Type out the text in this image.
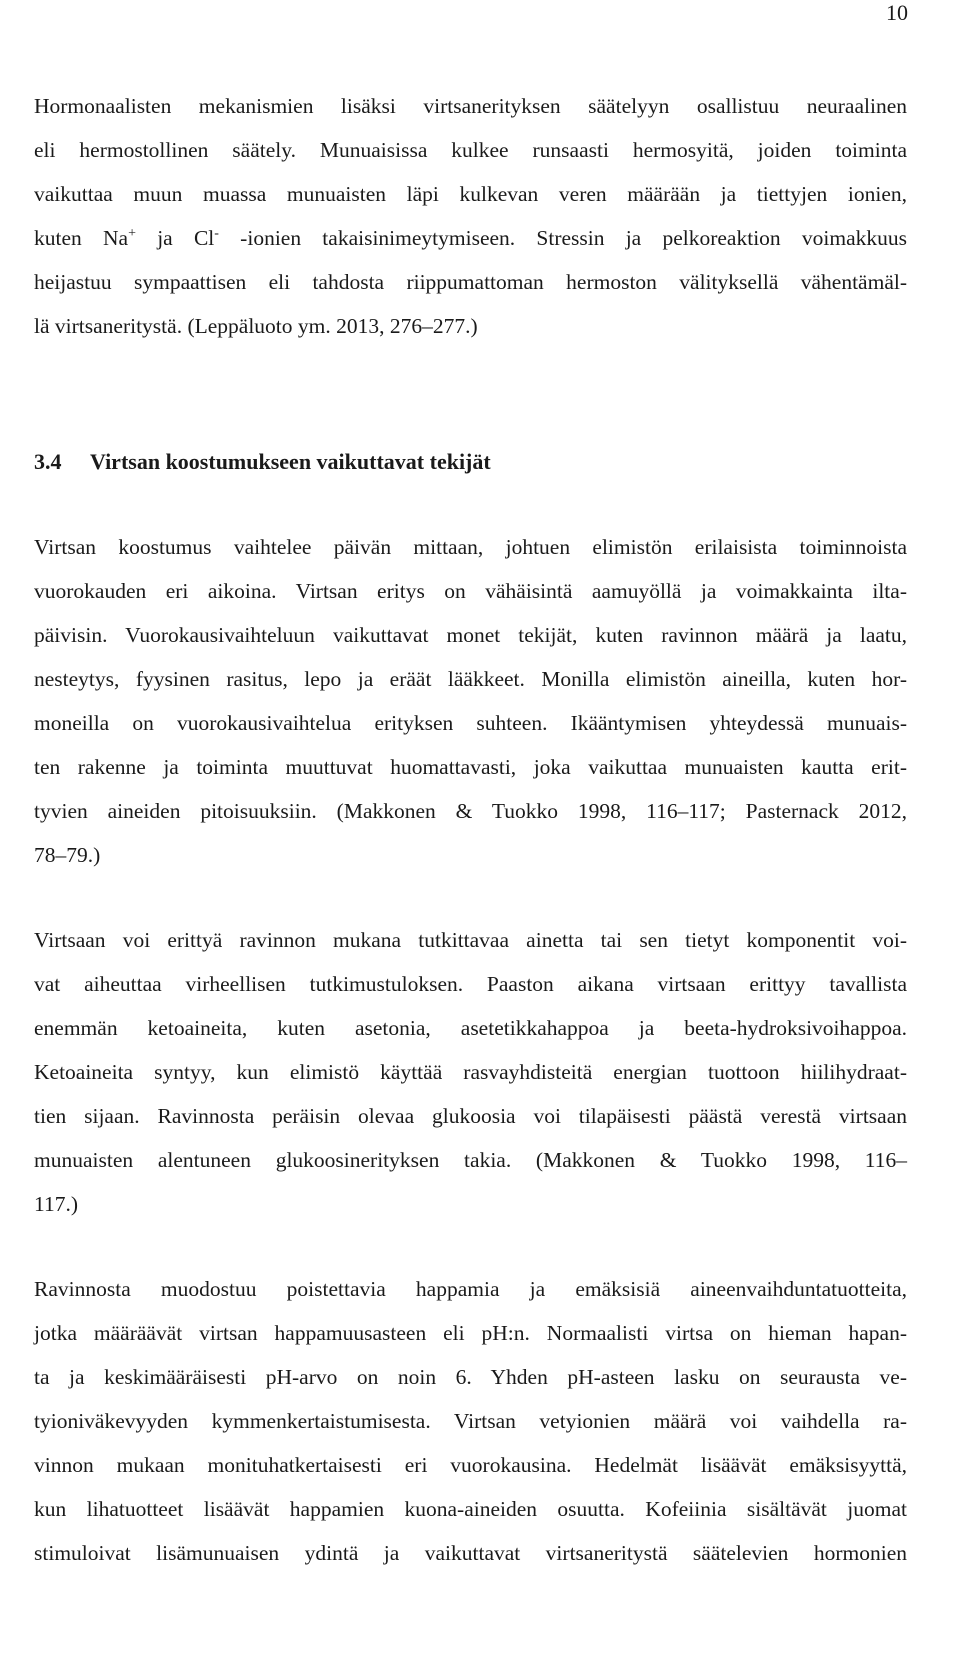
10
Hormonaalisten mekanismien lisäksi virtsanerityksen säätelyyn osallistuu neuraalinen
eli hermostollinen säätely. Munuaisissa kulkee runsaasti hermosyitä, joiden toiminta
vaikuttaa muun muassa munuaisten läpi kulkevan veren määrään ja tiettyjen ionien,
kuten Na+ ja Cl- -ionien takaisinimeytymiseen. Stressin ja pelkoreaktion voimakkuus
heijastuu sympaattisen eli tahdosta riippumattoman hermoston välityksellä vähentämäl-
lä virtsaneritystä. (Leppäluoto ym. 2013, 276–277.)
3.4 Virtsan koostumukseen vaikuttavat tekijät
Virtsan koostumus vaihtelee päivän mittaan, johtuen elimistön erilaisista toiminnoista
vuorokauden eri aikoina. Virtsan eritys on vähäisintä aamuyöllä ja voimakkainta ilta-
päivisin. Vuorokausivaihteluun vaikuttavat monet tekijät, kuten ravinnon määrä ja laatu,
nesteytys, fyysinen rasitus, lepo ja eräät lääkkeet. Monilla elimistön aineilla, kuten hor-
moneilla on vuorokausivaihtelua erityksen suhteen. Ikääntymisen yhteydessä munuais-
ten rakenne ja toiminta muuttuvat huomattavasti, joka vaikuttaa munuaisten kautta erit-
tyvien aineiden pitoisuuksiin. (Makkonen & Tuokko 1998, 116–117; Pasternack 2012,
78–79.)
Virtsaan voi erittyä ravinnon mukana tutkittavaa ainetta tai sen tietyt komponentit voi-
vat aiheuttaa virheellisen tutkimustuloksen. Paaston aikana virtsaan erittyy tavallista
enemmän ketoaineita, kuten asetonia, asetetikkahappoa ja beeta-hydroksivoihappoa.
Ketoaineita syntyy, kun elimistö käyttää rasvayhdisteitä energian tuottoon hiilihydraat-
tien sijaan. Ravinnosta peräisin olevaa glukoosia voi tilapäisesti päästä verestä virtsaan
munuaisten alentuneen glukoosinerityksen takia. (Makkonen & Tuokko 1998, 116–
117.)
Ravinnosta muodostuu poistettavia happamia ja emäksisiä aineenvaihduntatuotteita,
jotka määräävät virtsan happamuusasteen eli pH:n. Normaalisti virtsa on hieman hapan-
ta ja keskimääräisesti pH-arvo on noin 6. Yhden pH-asteen lasku on seurausta ve-
tyioniväkevyyden kymmenkertaistumisesta. Virtsan vetyionien määrä voi vaihdella ra-
vinnon mukaan monituhatkertaisesti eri vuorokausina. Hedelmät lisäävät emäksisyyttä,
kun lihatuotteet lisäävät happamien kuona-aineiden osuutta. Kofeiinia sisältävät juomat
stimuloivat lisämunuaisen ydintä ja vaikuttavat virtsaneritystä säätelevien hormonien
